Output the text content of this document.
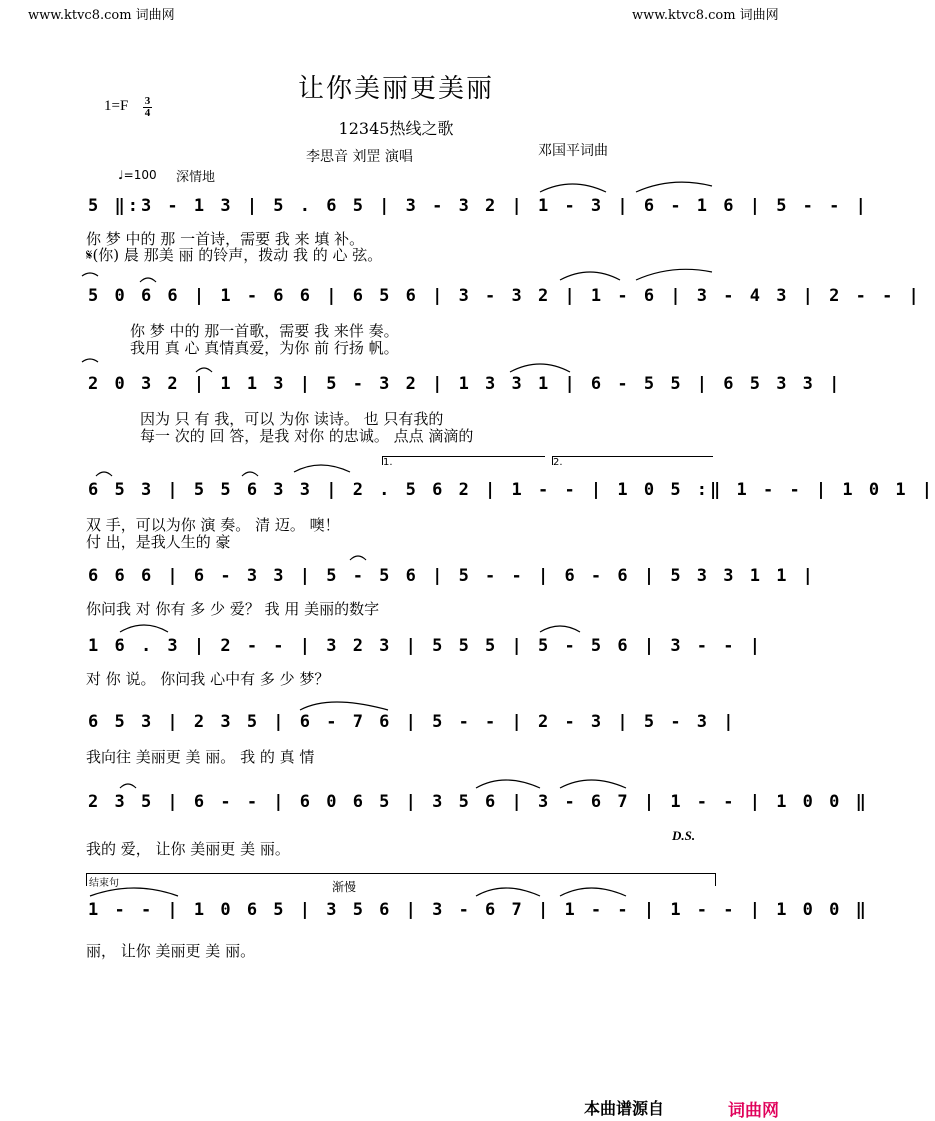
www.ktvc8.com 词曲网	www.ktvc8.com 词曲网
让你美丽更美丽
12345热线之歌
1=F 3
4
李思音 刘罡 演唱	邓国平词曲
♩=100 深情地
5 ‖:3 - 1 3 | 5 . 6 5 | 3 - 3 2 | 1 - 3 | 6 - 1 6 | 5 - - |
你 梦 中的 那 一首诗，需要 我 来 填 补。
𝄋(你) 晨 那美 丽 的铃声，拨动 我 的 心 弦。
5 0 6 6 | 1 - 6 6 | 6 5 6 | 3 - 3 2 | 1 - 6 | 3 - 4 3 | 2 - - |
你 梦 中的 那一首歌，需要 我 来伴 奏。
我用 真 心 真情真爱，为你 前 行扬 帆。
2 0 3 2 | 1 1 3 | 5 - 3 2 | 1 3 3 1 | 6 - 5 5 | 6 5 3 3 |
因为 只 有 我，可以 为你 读诗。 也 只有我的
每一 次的 回 答，是我 对你 的忠诚。 点点 滴滴的
1.	2.
6 5 3 | 5 5 6 3 3 | 2 . 5 6 2 | 1 - - | 1 0 5 :‖ 1 - - | 1 0 1 |
双 手，可以为你 演 奏。 清 迈。 噢！
付 出，是我人生的 豪
6 6 6 | 6 - 3 3 | 5 - 5 6 | 5 - - | 6 - 6 | 5 3 3 1 1 |
你问我 对 你有 多 少 爱？ 我 用 美丽的数字
1 6 . 3 | 2 - - | 3 2 3 | 5 5 5 | 5 - 5 6 | 3 - - |
对 你 说。 你问我 心中有 多 少 梦？
6 5 3 | 2 3 5 | 6 - 7 6 | 5 - - | 2 - 3 | 5 - 3 |
我向往 美丽更 美 丽。 我 的 真 情
2 3 5 | 6 - - | 6 0 6 5 | 3 5 6 | 3 - 6 7 | 1 - - | 1 0 0 ‖
我的 爱， 让你 美丽更 美 丽。
D.S.
结束句	渐慢
1 - - | 1 0 6 5 | 3 5 6 | 3 - 6 7 | 1 - - | 1 - - | 1 0 0 ‖
丽， 让你 美丽更 美 丽。
本曲谱源自	词曲网
